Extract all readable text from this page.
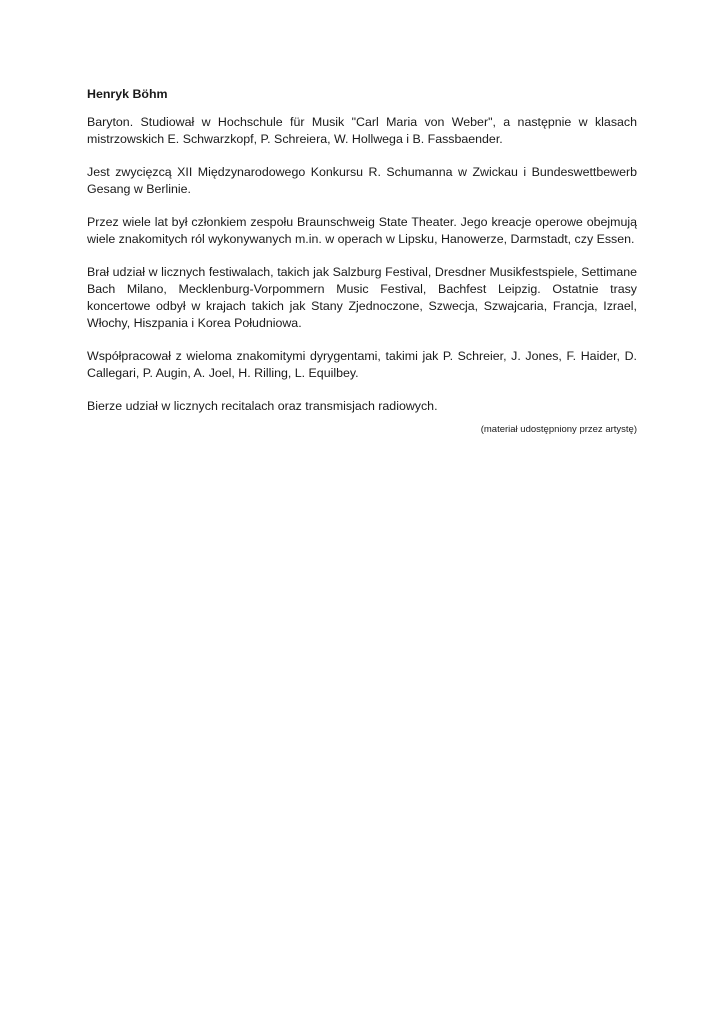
Henryk Böhm

Baryton. Studiował w Hochschule für Musik "Carl Maria von Weber", a następnie w klasach mistrzowskich E. Schwarzkopf, P. Schreiera, W. Hollwega i B. Fassbaender.

Jest zwycięzcą XII Międzynarodowego Konkursu R. Schumanna w Zwickau i Bundeswettbewerb Gesang w Berlinie.

Przez wiele lat był członkiem zespołu Braunschweig State Theater. Jego kreacje operowe obejmują wiele znakomitych ról wykonywanych m.in. w operach w Lipsku, Hanowerze, Darmstadt, czy Essen.

Brał udział w licznych festiwalach, takich jak Salzburg Festival, Dresdner Musikfestspiele, Settimane Bach Milano, Mecklenburg-Vorpommern Music Festival, Bachfest Leipzig. Ostatnie trasy koncertowe odbył w krajach takich jak Stany Zjednoczone, Szwecja, Szwajcaria, Francja, Izrael, Włochy, Hiszpania i Korea Południowa.

Współpracował z wieloma znakomitymi dyrygentami, takimi jak P. Schreier, J. Jones, F. Haider, D. Callegari, P. Augin, A. Joel, H. Rilling, L. Equilbey.

Bierze udział w licznych recitalach oraz transmisjach radiowych.

(materiał udostępniony przez artystę)
